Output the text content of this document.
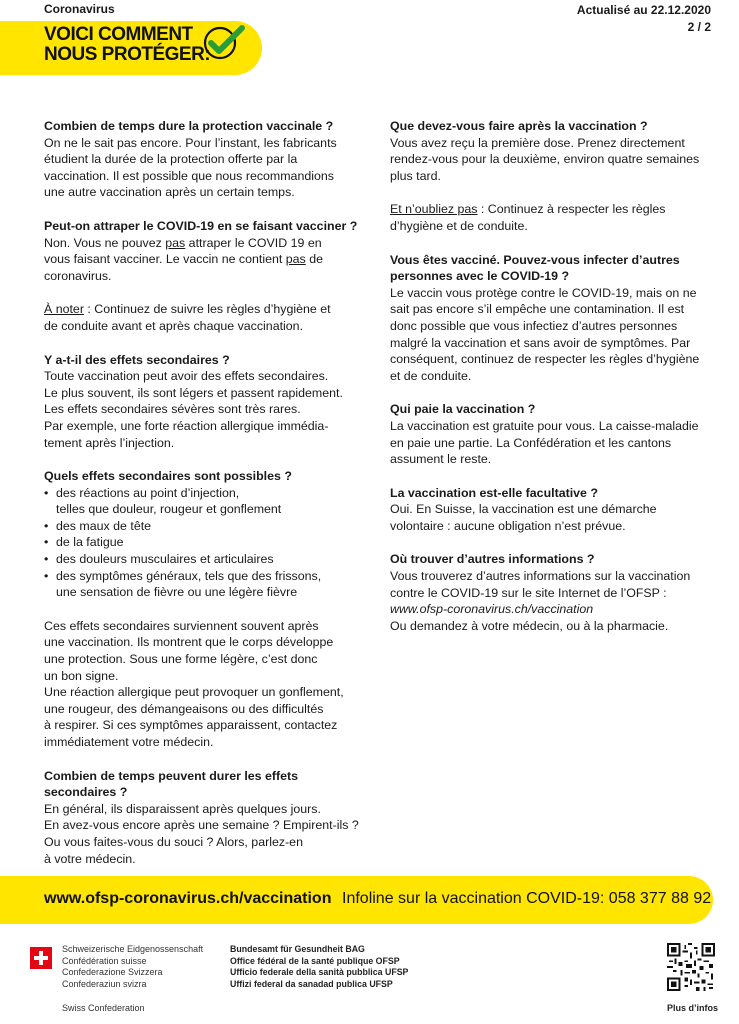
Coronavirus	Actualisé au 22.12.2020
2 / 2
VOICI COMMENT
NOUS PROTÉGER:

Combien de temps dure la protection vaccinale ?

On ne le sait pas encore. Pour l’instant, les fabricants

étudient la durée de la protection offerte par la

vaccination. Il est possible que nous recommandions

une autre vaccination après un certain temps.

Peut-on attraper le COVID-19 en se faisant vacciner ?

Non. Vous ne pouvez pas attraper le COVID 19 en

vous faisant vacciner. Le vaccin ne contient pas de

coronavirus.

À noter : Continuez de suivre les règles d’hygiène et

de conduite avant et après chaque vaccination.

Y a-t-il des effets secondaires ?

Toute vaccination peut avoir des effets secondaires.

Le plus souvent, ils sont légers et passent rapidement.

Les effets secondaires sévères sont très rares.

Par exemple, une forte réaction allergique immédia-

tement après l’injection.

Quels effets secondaires sont possibles ?

• des réactions au point d’injection,
telles que douleur, rougeur et gonflement
• des maux de tête
• de la fatigue
• des douleurs musculaires et articulaires
• des symptômes généraux, tels que des frissons,
une sensation de fièvre ou une légère fièvre

Ces effets secondaires surviennent souvent après

une vaccination. Ils montrent que le corps développe

une protection. Sous une forme légère, c’est donc

un bon signe.

Une réaction allergique peut provoquer un gonflement,

une rougeur, des démangeaisons ou des difficultés

à respirer. Si ces symptômes apparaissent, contactez

immédiatement votre médecin.

Combien de temps peuvent durer les effets

secondaires ?

En général, ils disparaissent après quelques jours.

En avez-vous encore après une semaine ? Empirent-ils ?

Ou vous faites-vous du souci ? Alors, parlez-en

à votre médecin.

Que devez-vous faire après la vaccination ?

Vous avez reçu la première dose. Prenez directement

rendez-vous pour la deuxième, environ quatre semaines

plus tard.

Et n’oubliez pas : Continuez à respecter les règles

d’hygiène et de conduite.

Vous êtes vacciné. Pouvez-vous infecter d’autres

personnes avec le COVID-19 ?

Le vaccin vous protège contre le COVID-19, mais on ne

sait pas encore s’il empêche une contamination. Il est

donc possible que vous infectiez d’autres personnes

malgré la vaccination et sans avoir de symptômes. Par

conséquent, continuez de respecter les règles d’hygiène

et de conduite.

Qui paie la vaccination ?

La vaccination est gratuite pour vous. La caisse-maladie

en paie une partie. La Confédération et les cantons

assument le reste.

La vaccination est-elle facultative ?

Oui. En Suisse, la vaccination est une démarche

volontaire : aucune obligation n’est prévue.

Où trouver d’autres informations ?

Vous trouverez d’autres informations sur la vaccination

contre le COVID-19 sur le site Internet de l’OFSP :

www.ofsp-coronavirus.ch/vaccination

Ou demandez à votre médecin, ou à la pharmacie.

www.ofsp-coronavirus.ch/vaccination Infoline sur la vaccination COVID-19: 058 377 88 92
Schweizerische Eidgenossenschaft
Confédération suisse
Confederazione Svizzera
Confederaziun svizra
Swiss Confederation
Bundesamt für Gesundheit BAG
Office fédéral de la santé publique OFSP
Ufficio federale della sanità pubblica UFSP
Uffizi federal da sanadad publica UFSP
Plus d’infos
